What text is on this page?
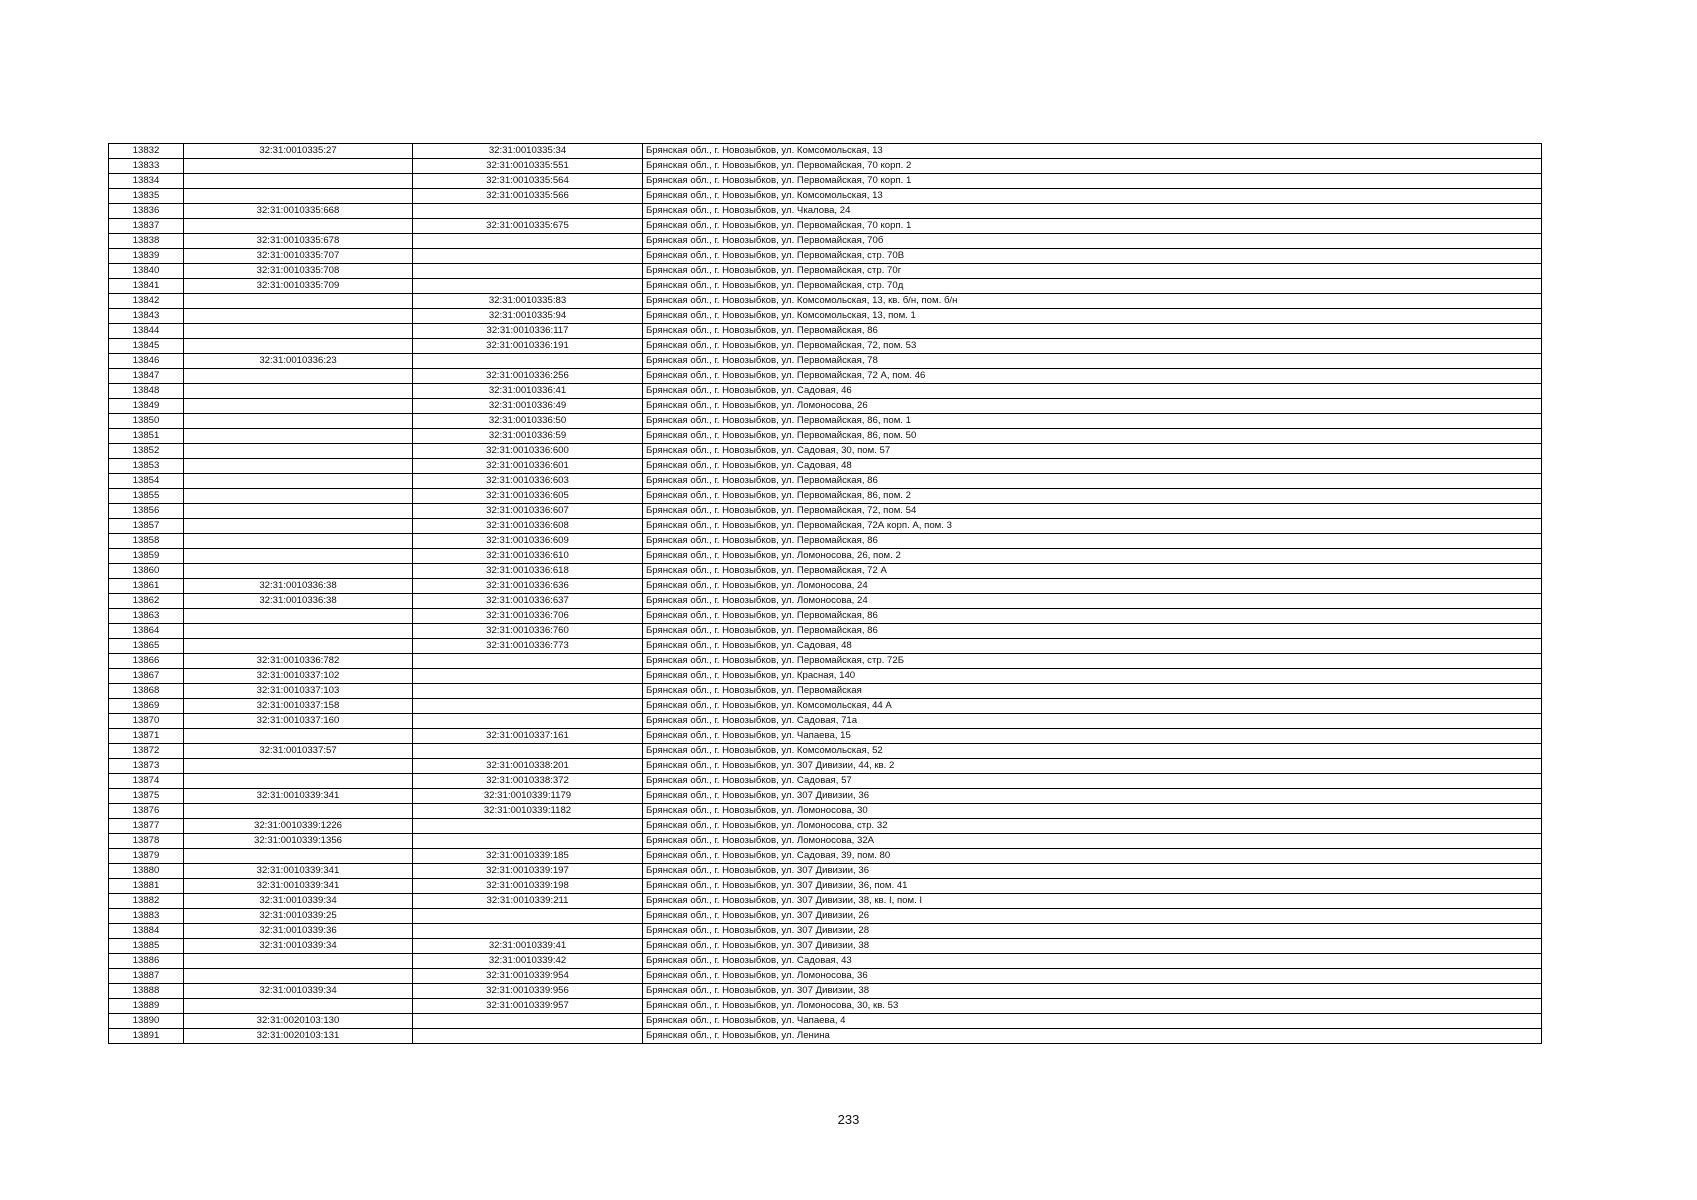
13832	32:31:0010335:27	32:31:0010335:34	Брянская обл., г. Новозыбков, ул. Комсомольская, 13
13833		32:31:0010335:551	Брянская обл., г. Новозыбков, ул. Первомайская, 70 корп. 2
13834		32:31:0010335:564	Брянская обл., г. Новозыбков, ул. Первомайская, 70 корп. 1
13835		32:31:0010335:566	Брянская обл., г. Новозыбков, ул. Комсомольская, 13
13836	32:31:0010335:668		Брянская обл., г. Новозыбков, ул. Чкалова, 24
13837		32:31:0010335:675	Брянская обл., г. Новозыбков, ул. Первомайская, 70 корп. 1
13838	32:31:0010335:678		Брянская обл., г. Новозыбков, ул. Первомайская, 70б
13839	32:31:0010335:707		Брянская обл., г. Новозыбков, ул. Первомайская, стр. 70В
13840	32:31:0010335:708		Брянская обл., г. Новозыбков, ул. Первомайская, стр. 70г
13841	32:31:0010335:709		Брянская обл., г. Новозыбков, ул. Первомайская, стр. 70д
13842		32:31:0010335:83	Брянская обл., г. Новозыбков, ул. Комсомольская, 13, кв. б/н, пом. б/н
13843		32:31:0010335:94	Брянская обл., г. Новозыбков, ул. Комсомольская, 13, пом. 1
13844		32:31:0010336:117	Брянская обл., г. Новозыбков, ул. Первомайская, 86
13845		32:31:0010336:191	Брянская обл., г. Новозыбков, ул. Первомайская, 72, пом. 53
13846	32:31:0010336:23		Брянская обл., г. Новозыбков, ул. Первомайская, 78
13847		32:31:0010336:256	Брянская обл., г. Новозыбков, ул. Первомайская, 72 А, пом. 46
13848		32:31:0010336:41	Брянская обл., г. Новозыбков, ул. Садовая, 46
13849		32:31:0010336:49	Брянская обл., г. Новозыбков, ул. Ломоносова, 26
13850		32:31:0010336:50	Брянская обл., г. Новозыбков, ул. Первомайская, 86, пом. 1
13851		32:31:0010336:59	Брянская обл., г. Новозыбков, ул. Первомайская, 86, пом. 50
13852		32:31:0010336:600	Брянская обл., г. Новозыбков, ул. Садовая, 30, пом. 57
13853		32:31:0010336:601	Брянская обл., г. Новозыбков, ул. Садовая, 48
13854		32:31:0010336:603	Брянская обл., г. Новозыбков, ул. Первомайская, 86
13855		32:31:0010336:605	Брянская обл., г. Новозыбков, ул. Первомайская, 86, пом. 2
13856		32:31:0010336:607	Брянская обл., г. Новозыбков, ул. Первомайская, 72, пом. 54
13857		32:31:0010336:608	Брянская обл., г. Новозыбков, ул. Первомайская, 72А корп. А, пом. 3
13858		32:31:0010336:609	Брянская обл., г. Новозыбков, ул. Первомайская, 86
13859		32:31:0010336:610	Брянская обл., г. Новозыбков, ул. Ломоносова, 26, пом. 2
13860		32:31:0010336:618	Брянская обл., г. Новозыбков, ул. Первомайская, 72 А
13861	32:31:0010336:38	32:31:0010336:636	Брянская обл., г. Новозыбков, ул. Ломоносова, 24
13862	32:31:0010336:38	32:31:0010336:637	Брянская обл., г. Новозыбков, ул. Ломоносова, 24
13863		32:31:0010336:706	Брянская обл., г. Новозыбков, ул. Первомайская, 86
13864		32:31:0010336:760	Брянская обл., г. Новозыбков, ул. Первомайская, 86
13865		32:31:0010336:773	Брянская обл., г. Новозыбков, ул. Садовая, 48
13866	32:31:0010336:782		Брянская обл., г. Новозыбков, ул. Первомайская, стр. 72Б
13867	32:31:0010337:102		Брянская обл., г. Новозыбков, ул. Красная, 140
13868	32:31:0010337:103		Брянская обл., г. Новозыбков, ул. Первомайская
13869	32:31:0010337:158		Брянская обл., г. Новозыбков, ул. Комсомольская, 44 А
13870	32:31:0010337:160		Брянская обл., г. Новозыбков, ул. Садовая, 71а
13871		32:31:0010337:161	Брянская обл., г. Новозыбков, ул. Чапаева, 15
13872	32:31:0010337:57		Брянская обл., г. Новозыбков, ул. Комсомольская, 52
13873		32:31:0010338:201	Брянская обл., г. Новозыбков, ул. 307 Дивизии, 44, кв. 2
13874		32:31:0010338:372	Брянская обл., г. Новозыбков, ул. Садовая, 57
13875	32:31:0010339:341	32:31:0010339:1179	Брянская обл., г. Новозыбков, ул. 307 Дивизии, 36
13876		32:31:0010339:1182	Брянская обл., г. Новозыбков, ул. Ломоносова, 30
13877	32:31:0010339:1226		Брянская обл., г. Новозыбков, ул. Ломоносова, стр. 32
13878	32:31:0010339:1356		Брянская обл., г. Новозыбков, ул. Ломоносова, 32А
13879		32:31:0010339:185	Брянская обл., г. Новозыбков, ул. Садовая, 39, пом. 80
13880	32:31:0010339:341	32:31:0010339:197	Брянская обл., г. Новозыбков, ул. 307 Дивизии, 36
13881	32:31:0010339:341	32:31:0010339:198	Брянская обл., г. Новозыбков, ул. 307 Дивизии, 36, пом. 41
13882	32:31:0010339:34	32:31:0010339:211	Брянская обл., г. Новозыбков, ул. 307 Дивизии, 38, кв. I, пом. I
13883	32:31:0010339:25		Брянская обл., г. Новозыбков, ул. 307 Дивизии, 26
13884	32:31:0010339:36		Брянская обл., г. Новозыбков, ул. 307 Дивизии, 28
13885	32:31:0010339:34	32:31:0010339:41	Брянская обл., г. Новозыбков, ул. 307 Дивизии, 38
13886		32:31:0010339:42	Брянская обл., г. Новозыбков, ул. Садовая, 43
13887		32:31:0010339:954	Брянская обл., г. Новозыбков, ул. Ломоносова, 36
13888	32:31:0010339:34	32:31:0010339:956	Брянская обл., г. Новозыбков, ул. 307 Дивизии, 38
13889		32:31:0010339:957	Брянская обл., г. Новозыбков, ул. Ломоносова, 30, кв. 53
13890	32:31:0020103:130		Брянская обл., г. Новозыбков, ул. Чапаева, 4
13891	32:31:0020103:131		Брянская обл., г. Новозыбков, ул. Ленина
233
